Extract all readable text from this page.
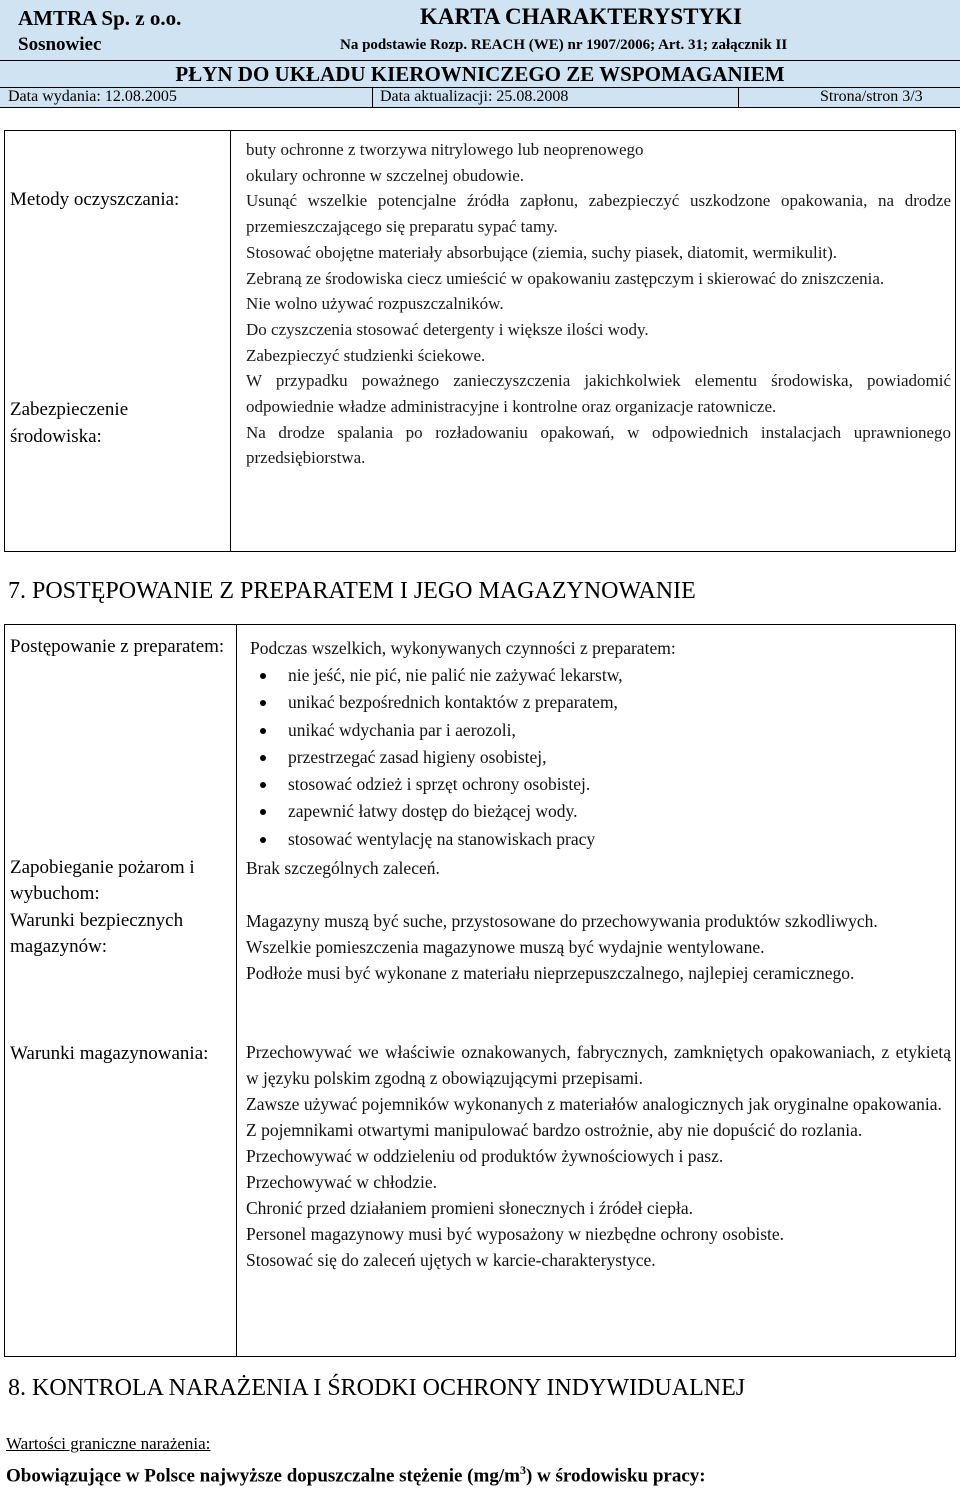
AMTRA Sp. z o.o.
Sosnowiec
KARTA CHARAKTERYSTYKI
Na podstawie Rozp. REACH (WE) nr 1907/2006; Art. 31; załącznik II
PŁYN DO UKŁADU KIEROWNICZEGO ZE WSPOMAGANIEM
Data wydania: 12.08.2005	Data aktualizacji: 25.08.2008	Strona/stron 3/3
Metody oczyszczania:
Zabezpieczenie
środowiska:

buty ochronne z tworzywa nitrylowego lub neoprenowego

okulary ochronne w szczelnej obudowie.

Usunąć wszelkie potencjalne źródła zapłonu, zabezpieczyć uszkodzone opakowania, na drodze przemieszczającego się preparatu sypać tamy.

Stosować obojętne materiały absorbujące (ziemia, suchy piasek, diatomit, wermikulit).

Zebraną ze środowiska ciecz umieścić w opakowaniu zastępczym i skierować do zniszczenia.

Nie wolno używać rozpuszczalników.

Do czyszczenia stosować detergenty i większe ilości wody.

Zabezpieczyć studzienki ściekowe.

W przypadku poważnego zanieczyszczenia jakichkolwiek elementu środowiska, powiadomić odpowiednie władze administracyjne i kontrolne oraz organizacje ratownicze.

Na drodze spalania po rozładowaniu opakowań, w odpowiednich instalacjach uprawnionego przedsiębiorstwa.

7. POSTĘPOWANIE Z PREPARATEM I JEGO MAGAZYNOWANIE
Postępowanie z preparatem:
Zapobieganie pożarom i wybuchom:
Warunki bezpiecznych magazynów:
Warunki magazynowania:

Podczas wszelkich, wykonywanych czynności z preparatem:

nie jeść, nie pić, nie palić nie zażywać lekarstw,
unikać bezpośrednich kontaktów z preparatem,
unikać wdychania par i aerozoli,
przestrzegać zasad higieny osobistej,
stosować odzież i sprzęt ochrony osobistej.
zapewnić łatwy dostęp do bieżącej wody.
stosować wentylację na stanowiskach pracy
Brak szczególnych zaleceń.

Magazyny muszą być suche, przystosowane do przechowywania produktów szkodliwych.

Wszelkie pomieszczenia magazynowe muszą być wydajnie wentylowane.

Podłoże musi być wykonane z materiału nieprzepuszczalnego, najlepiej ceramicznego.

Przechowywać we właściwie oznakowanych, fabrycznych, zamkniętych opakowaniach, z etykietą w języku polskim zgodną z obowiązującymi przepisami.

Zawsze używać pojemników wykonanych z materiałów analogicznych jak oryginalne opakowania.

Z pojemnikami otwartymi manipulować bardzo ostrożnie, aby nie dopuścić do rozlania.

Przechowywać w oddzieleniu od produktów żywnościowych i pasz.

Przechowywać w chłodzie.

Chronić przed działaniem promieni słonecznych i źródeł ciepła.

Personel magazynowy musi być wyposażony w niezbędne ochrony osobiste.

Stosować się do zaleceń ujętych w karcie-charakterystyce.

8. KONTROLA NARAŻENIA I ŚRODKI OCHRONY INDYWIDUALNEJ
Wartości graniczne narażenia:
Obowiązujące w Polsce najwyższe dopuszczalne stężenie $(mg/m^3)$ w środowisku pracy:
